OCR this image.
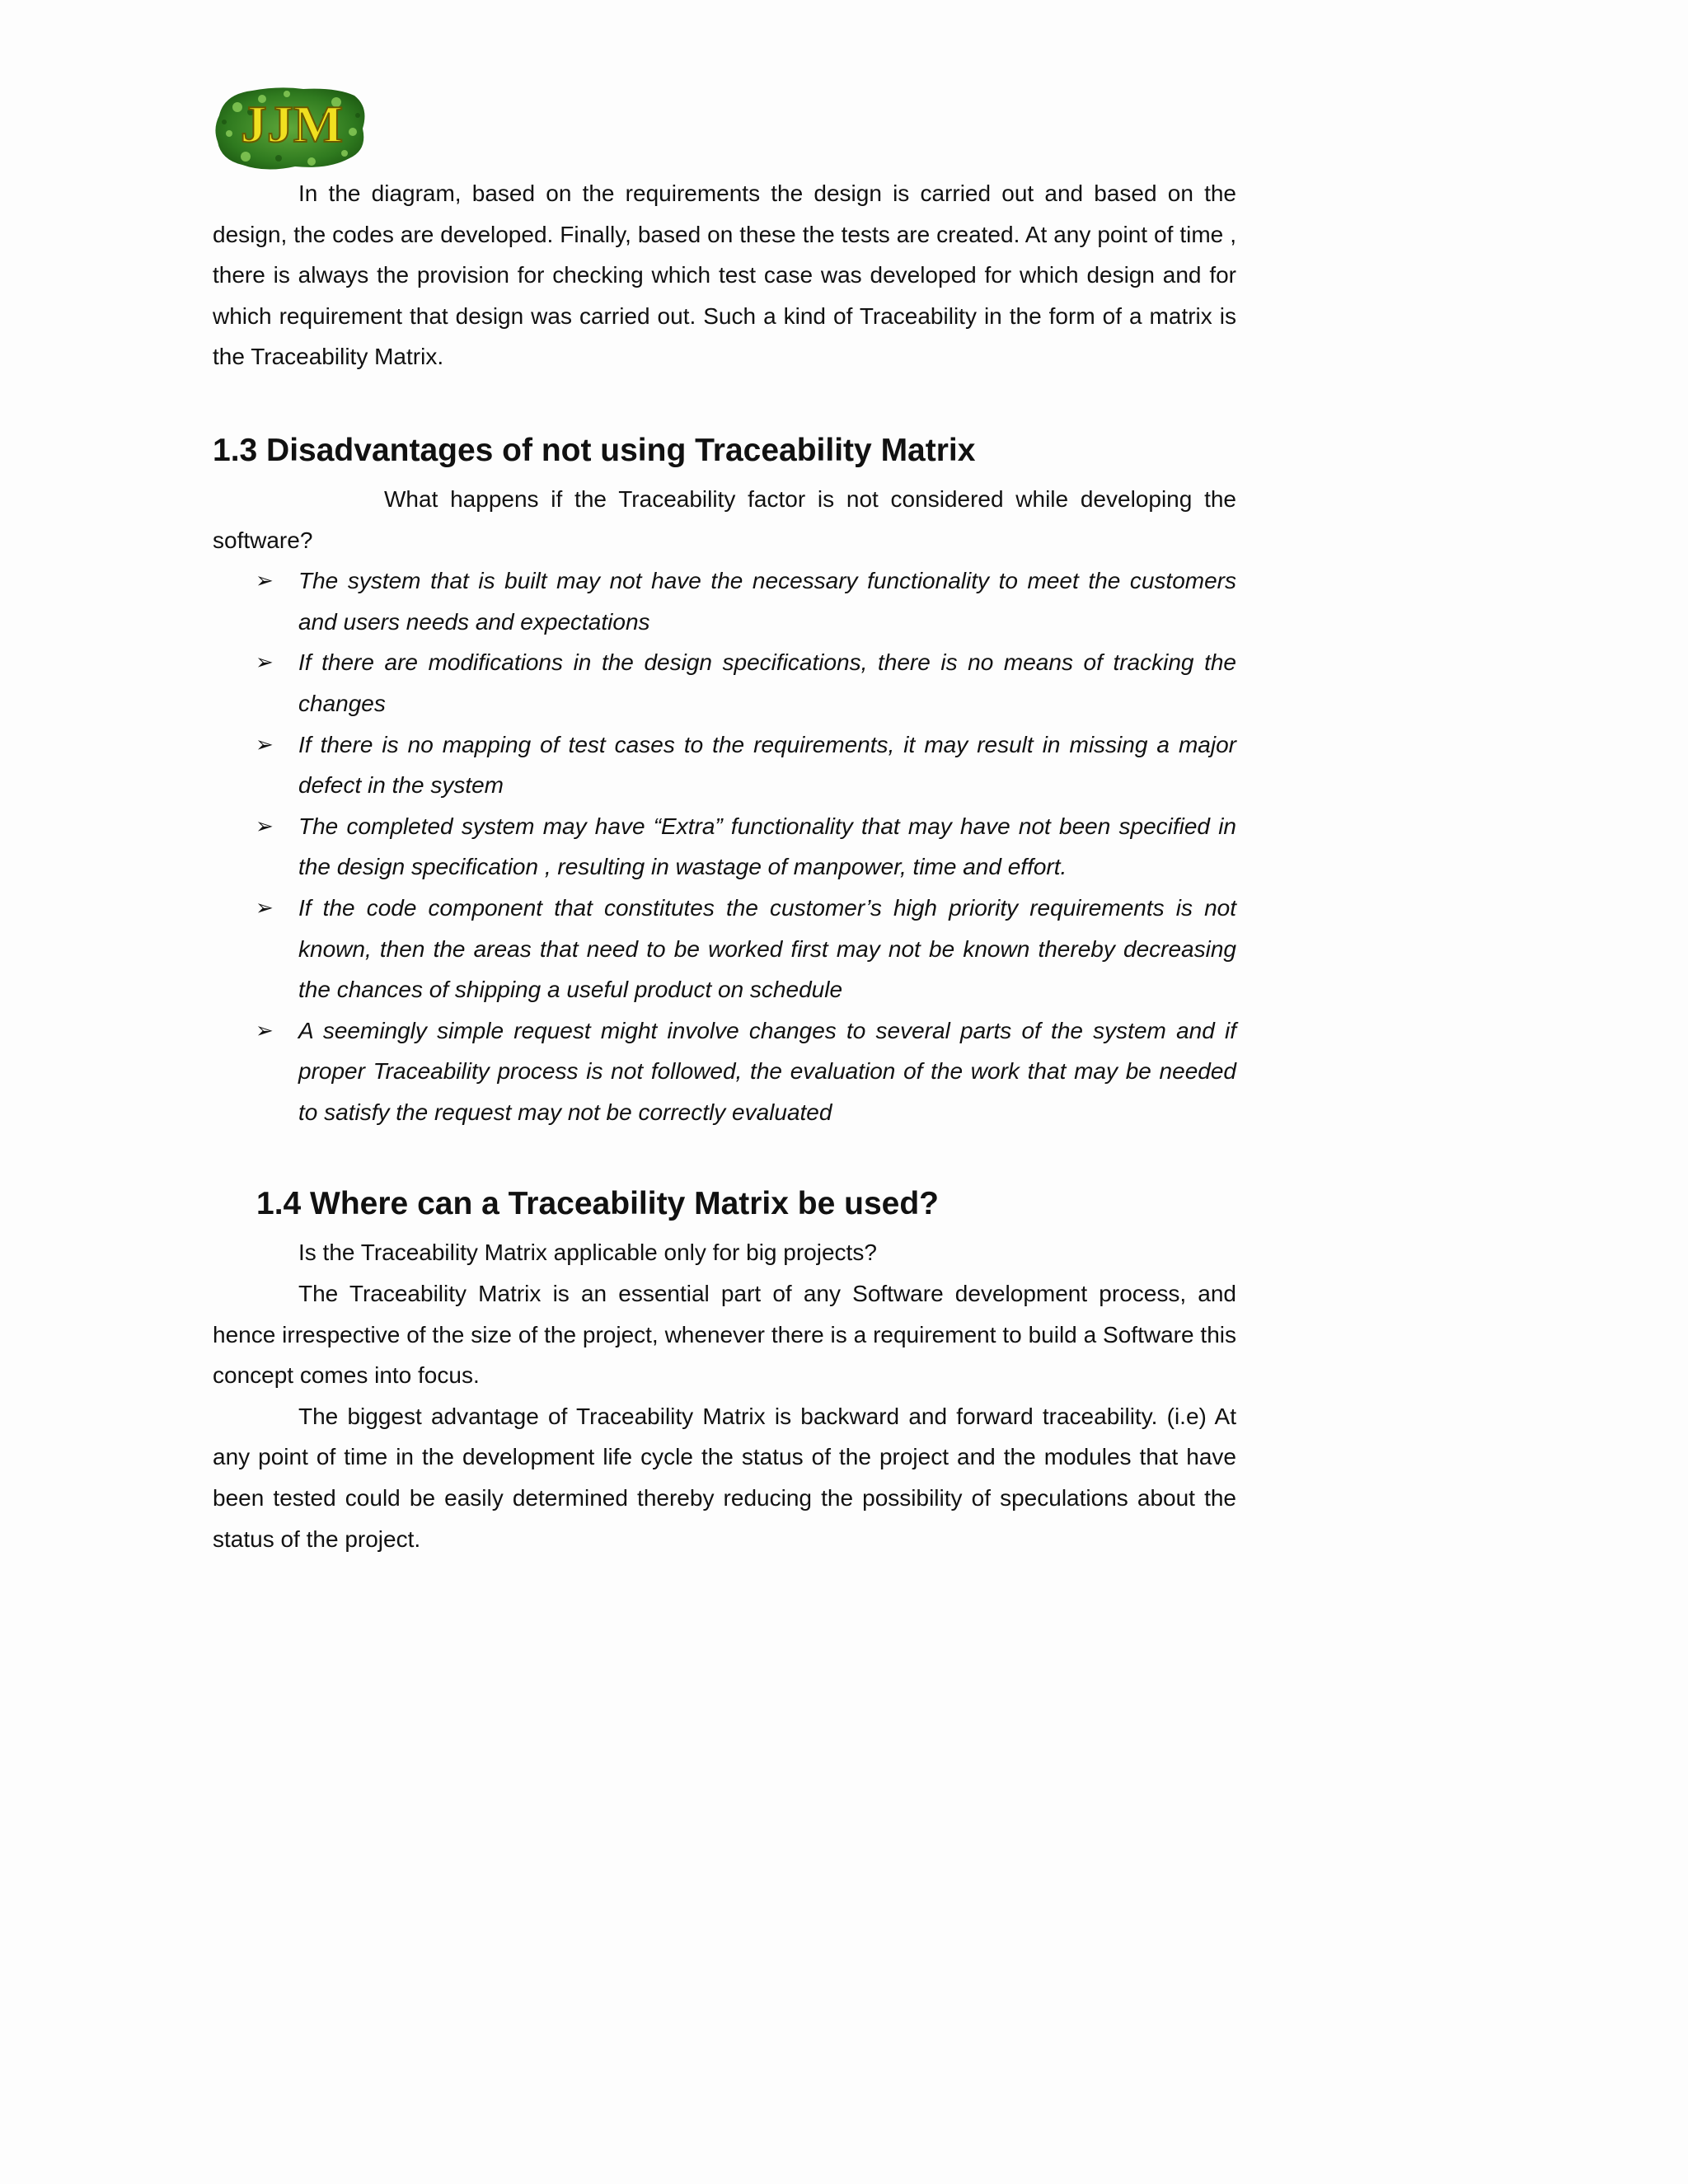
JJM

In the diagram, based on the requirements the design is carried out and based on the design, the codes are developed. Finally, based on these the tests are created. At any point of time , there is always the provision for checking which test case was developed for which design and for which requirement that design was carried out. Such a kind of Traceability in the form of a matrix is the Traceability Matrix.

1.3 Disadvantages of not using Traceability Matrix

What happens if the Traceability factor is not considered while developing the software?

➢ The system that is built may not have the necessary functionality to meet the customers and users needs and expectations
➢ If there are modifications in the design specifications, there is no means of tracking the changes
➢ If there is no mapping of test cases to the requirements, it may result in missing a major defect in the system
➢ The completed system may have “Extra” functionality that may have not been specified in the design specification , resulting in wastage of manpower, time and effort.
➢ If the code component that constitutes the customer’s high priority requirements is not known, then the areas that need to be worked first may not be known thereby decreasing the chances of shipping a useful product on schedule
➢ A seemingly simple request might involve changes to several parts of the system and if proper Traceability process is not followed, the evaluation of the work that may be needed to satisfy the request may not be correctly evaluated
1.4 Where can a Traceability Matrix be used?

Is the Traceability Matrix applicable only for big projects?

The Traceability Matrix is an essential part of any Software development process, and hence irrespective of the size of the project, whenever there is a requirement to build a Software this concept comes into focus.

The biggest advantage of Traceability Matrix is backward and forward traceability. (i.e) At any point of time in the development life cycle the status of the project and the modules that have been tested could be easily determined thereby reducing the possibility of speculations about the status of the project.
